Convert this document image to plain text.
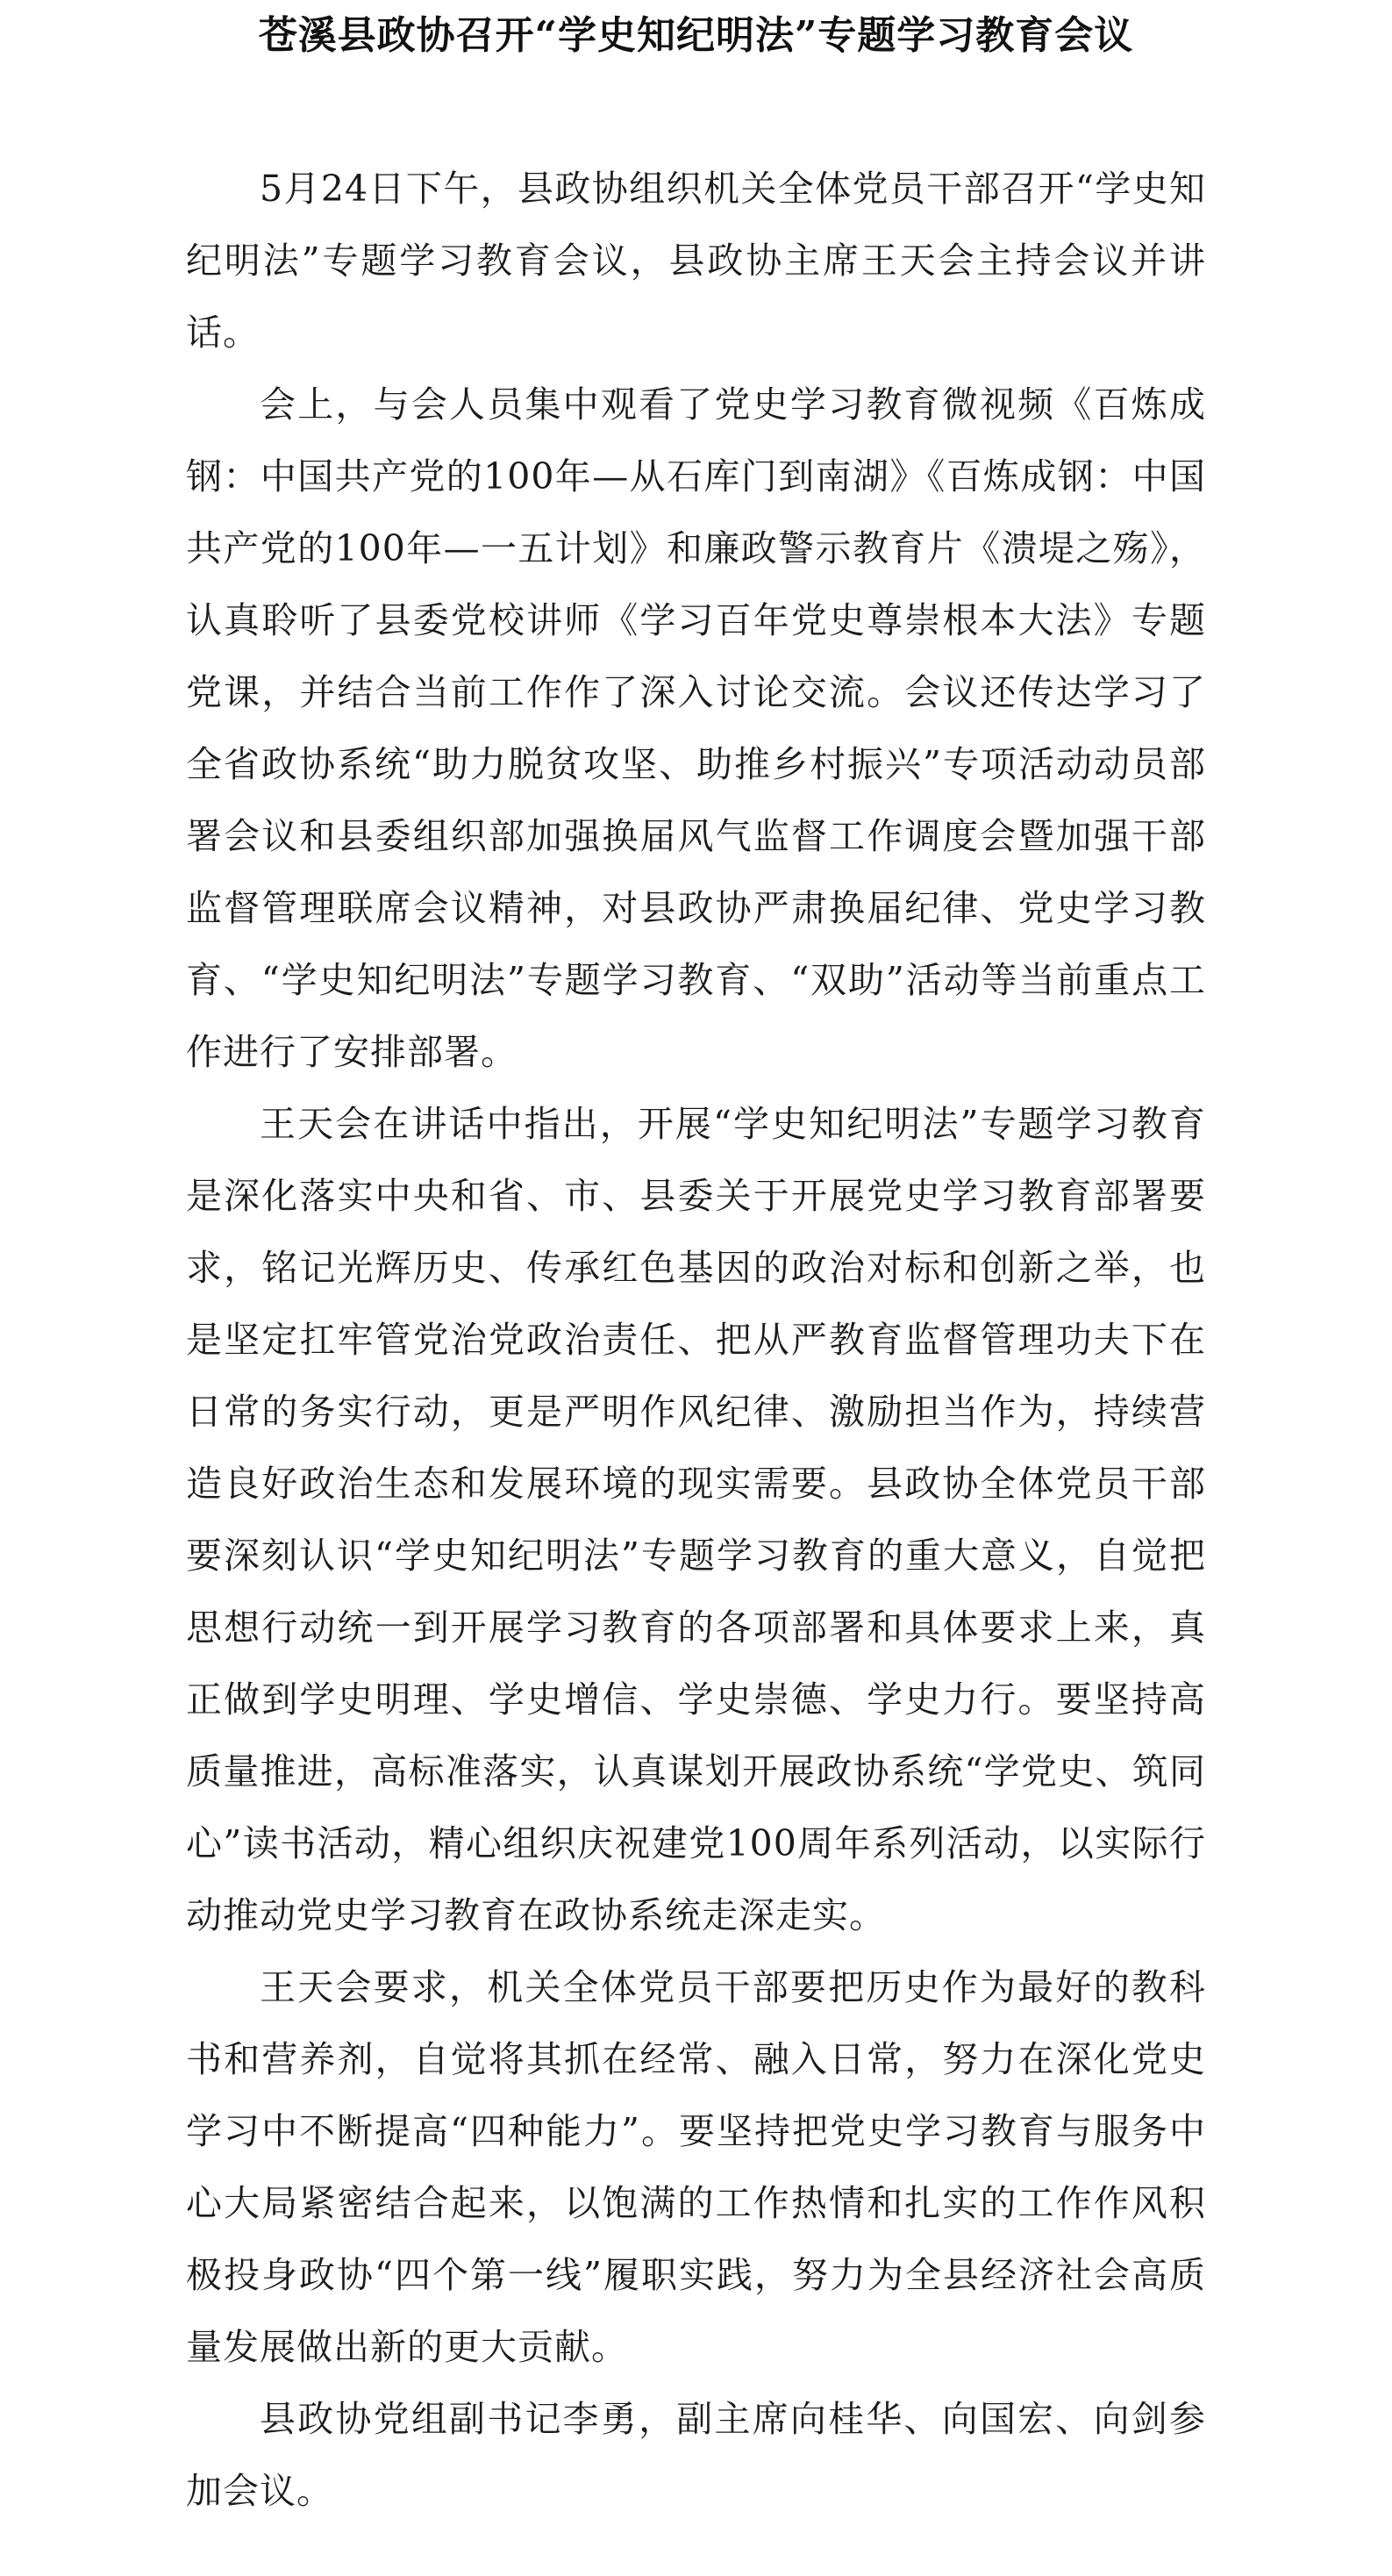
苍溪县政协召开“学史知纪明法”专题学习教育会议

5月24日下午，县政协组织机关全体党员干部召开“学史知纪明法”专题学习教育会议，县政协主席王天会主持会议并讲话。

会上，与会人员集中观看了党史学习教育微视频《百炼成钢：中国共产党的100年—从石库门到南湖》《百炼成钢：中国共产党的100年—一五计划》和廉政警示教育片《溃堤之殇》，认真聆听了县委党校讲师《学习百年党史尊崇根本大法》专题党课，并结合当前工作作了深入讨论交流。会议还传达学习了全省政协系统“助力脱贫攻坚、助推乡村振兴”专项活动动员部署会议和县委组织部加强换届风气监督工作调度会暨加强干部监督管理联席会议精神，对县政协严肃换届纪律、党史学习教育、“学史知纪明法”专题学习教育、“双助”活动等当前重点工作进行了安排部署。

王天会在讲话中指出，开展“学史知纪明法”专题学习教育是深化落实中央和省、市、县委关于开展党史学习教育部署要求，铭记光辉历史、传承红色基因的政治对标和创新之举，也是坚定扛牢管党治党政治责任、把从严教育监督管理功夫下在日常的务实行动，更是严明作风纪律、激励担当作为，持续营造良好政治生态和发展环境的现实需要。县政协全体党员干部要深刻认识“学史知纪明法”专题学习教育的重大意义，自觉把思想行动统一到开展学习教育的各项部署和具体要求上来，真正做到学史明理、学史增信、学史崇德、学史力行。要坚持高质量推进，高标准落实，认真谋划开展政协系统“学党史、筑同心”读书活动，精心组织庆祝建党100周年系列活动，以实际行动推动党史学习教育在政协系统走深走实。

王天会要求，机关全体党员干部要把历史作为最好的教科书和营养剂，自觉将其抓在经常、融入日常，努力在深化党史学习中不断提高“四种能力”。要坚持把党史学习教育与服务中心大局紧密结合起来，以饱满的工作热情和扎实的工作作风积极投身政协“四个第一线”履职实践，努力为全县经济社会高质量发展做出新的更大贡献。

县政协党组副书记李勇，副主席向桂华、向国宏、向剑参加会议。
